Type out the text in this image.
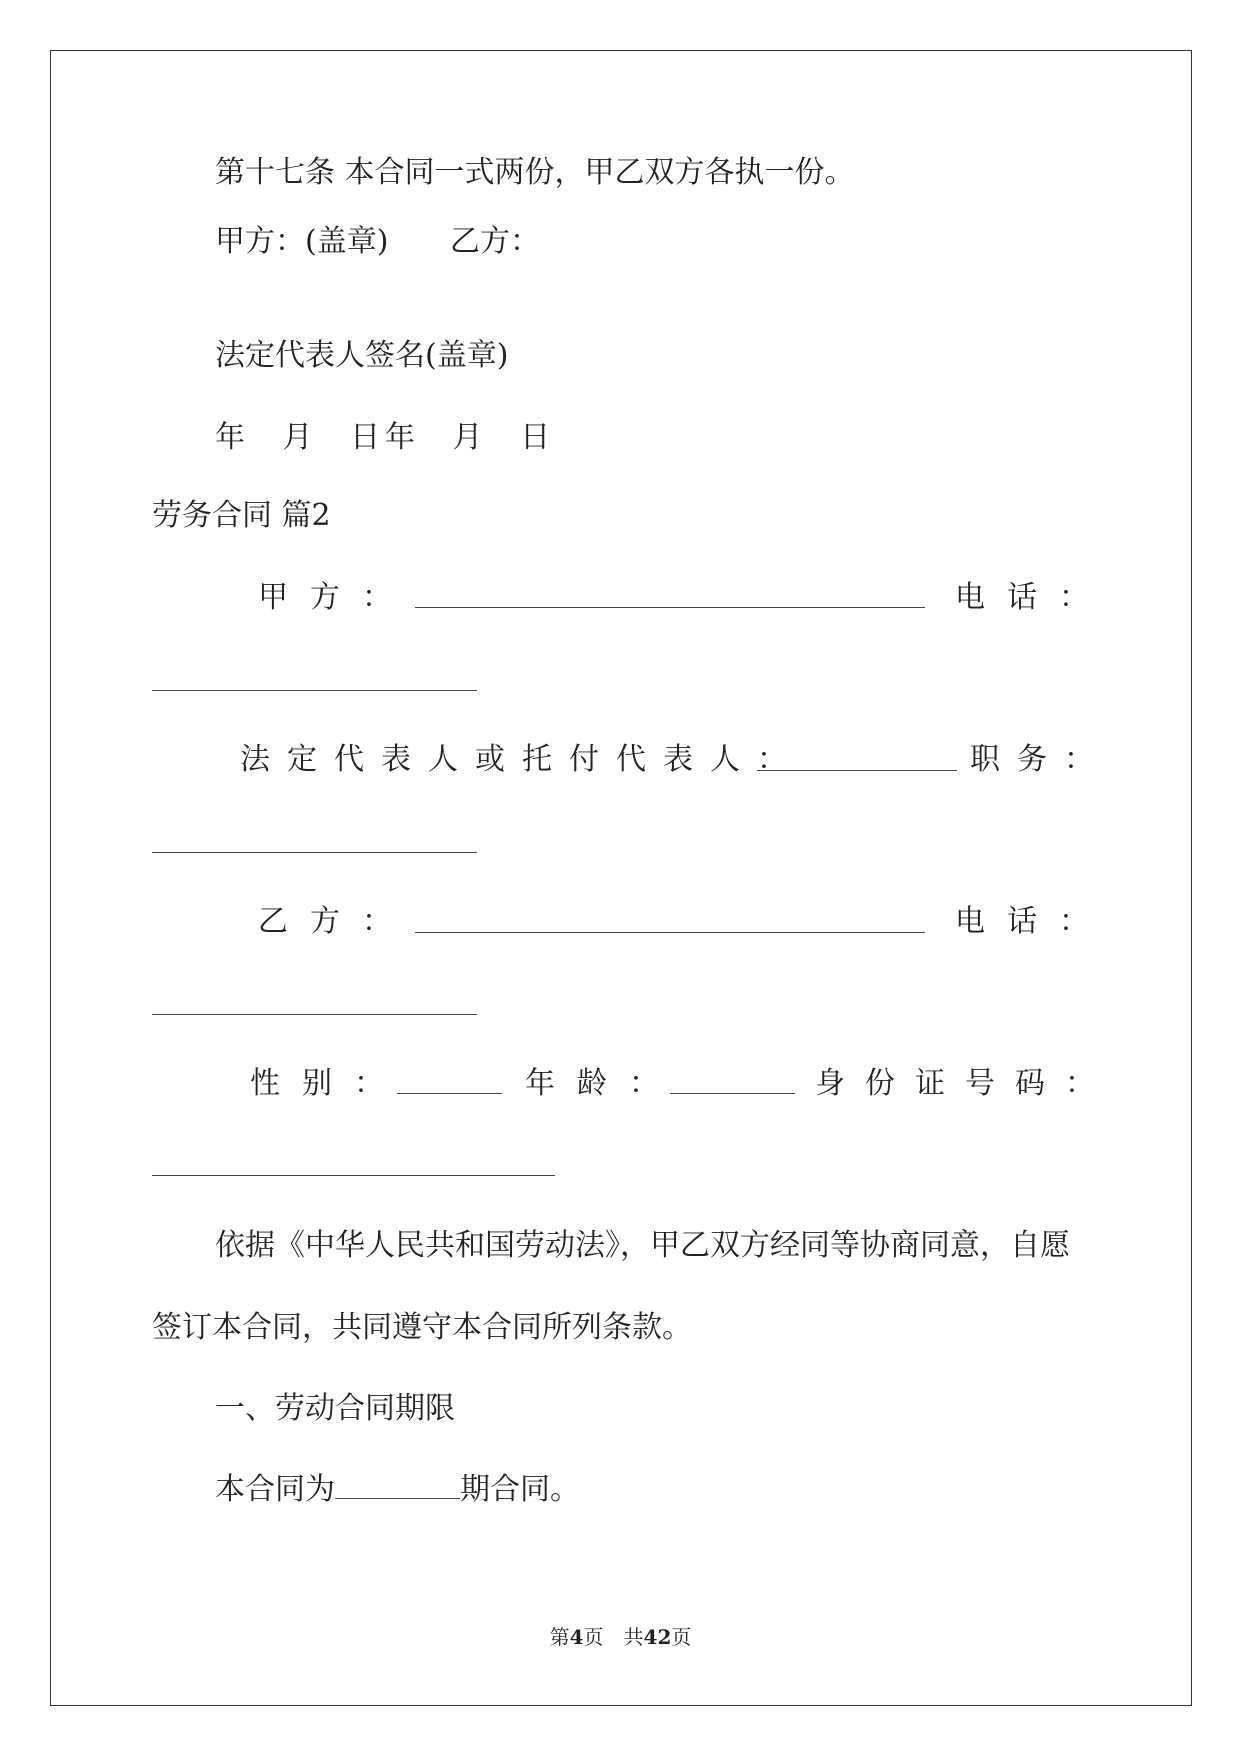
第十七条 本合同一式两份，甲乙双方各执一份。
甲方：(盖章) 乙方：
法定代表人签名(盖章)
年 月 日
年 月 日
劳务合同 篇2
甲方：	电话：
法定代表人或托付代表人：	职务：
乙方：	电话：
性别：	年龄：	身份证号码：
依据《中华人民共和国劳动法》，甲乙双方经同等协商同意，自愿
签订本合同，共同遵守本合同所列条款。
一、劳动合同期限
本合同为	期合同。
第4页　共42页
